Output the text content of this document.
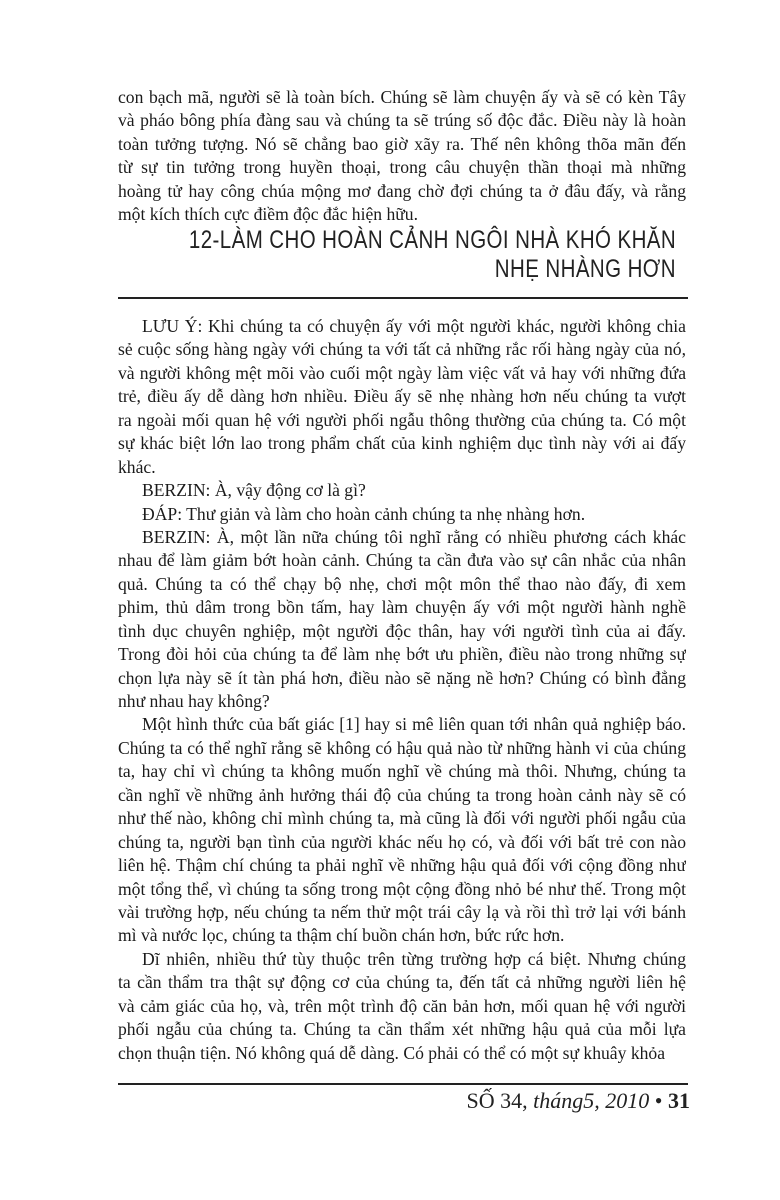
con bạch mã, người sẽ là toàn bích. Chúng sẽ làm chuyện ấy và sẽ có kèn Tây
và pháo bông phía đàng sau và chúng ta sẽ trúng số độc đắc. Điều này là hoàn
toàn tưởng tượng. Nó sẽ chẳng bao giờ xãy ra. Thế nên không thõa mãn đến
từ sự tin tưởng trong huyền thoại, trong câu chuyện thần thoại mà những
hoàng tử hay công chúa mộng mơ đang chờ đợi chúng ta ở đâu đấy, và rằng
một kích thích cực điềm độc đắc hiện hữu.
12-LÀM CHO HOÀN CẢNH NGÔI NHÀ KHÓ KHĂN
NHẸ NHÀNG HƠN
LƯU Ý: Khi chúng ta có chuyện ấy với một người khác, người không chia
sẻ cuộc sống hàng ngày với chúng ta với tất cả những rắc rối hàng ngày của nó,
và người không mệt mõi vào cuối một ngày làm việc vất vả hay với những đứa
trẻ, điều ấy dễ dàng hơn nhiều. Điều ấy sẽ nhẹ nhàng hơn nếu chúng ta vượt
ra ngoài mối quan hệ với người phối ngẫu thông thường của chúng ta. Có một
sự khác biệt lớn lao trong phẩm chất của kinh nghiệm dục tình này với ai đấy
khác.
BERZIN: À, vậy động cơ là gì?
ĐÁP: Thư giản và làm cho hoàn cảnh chúng ta nhẹ nhàng hơn.
BERZIN: À, một lần nữa chúng tôi nghĩ rằng có nhiều phương cách khác
nhau để làm giảm bớt hoàn cảnh. Chúng ta cần đưa vào sự cân nhắc của nhân
quả. Chúng ta có thể chạy bộ nhẹ, chơi một môn thể thao nào đấy, đi xem
phim, thủ dâm trong bồn tấm, hay làm chuyện ấy với một người hành nghề
tình dục chuyên nghiệp, một người độc thân, hay với người tình của ai đấy.
Trong đòi hỏi của chúng ta để làm nhẹ bớt ưu phiền, điều nào trong những sự
chọn lựa này sẽ ít tàn phá hơn, điều nào sẽ nặng nề hơn? Chúng có bình đẳng
như nhau hay không?
Một hình thức của bất giác [1] hay si mê liên quan tới nhân quả nghiệp báo.
Chúng ta có thể nghĩ rằng sẽ không có hậu quả nào từ những hành vi của chúng
ta, hay chỉ vì chúng ta không muốn nghĩ về chúng mà thôi. Nhưng, chúng ta
cần nghĩ về những ảnh hưởng thái độ của chúng ta trong hoàn cảnh này sẽ có
như thế nào, không chỉ mình chúng ta, mà cũng là đối với người phối ngẫu của
chúng ta, người bạn tình của người khác nếu họ có, và đối với bất trẻ con nào
liên hệ. Thậm chí chúng ta phải nghĩ về những hậu quả đối với cộng đồng như
một tổng thể, vì chúng ta sống trong một cộng đồng nhỏ bé như thế. Trong một
vài trường hợp, nếu chúng ta nếm thử một trái cây lạ và rồi thì trở lại với bánh
mì và nước lọc, chúng ta thậm chí buồn chán hơn, bức rức hơn.
Dĩ nhiên, nhiều thứ tùy thuộc trên từng trường hợp cá biệt. Nhưng chúng
ta cần thẩm tra thật sự động cơ của chúng ta, đến tất cả những người liên hệ
và cảm giác của họ, và, trên một trình độ căn bản hơn, mối quan hệ với người
phối ngẫu của chúng ta. Chúng ta cần thẩm xét những hậu quả của mỗi lựa
chọn thuận tiện. Nó không quá dễ dàng. Có phải có thể có một sự khuây khỏa
SỐ 34, tháng5, 2010 • 31
